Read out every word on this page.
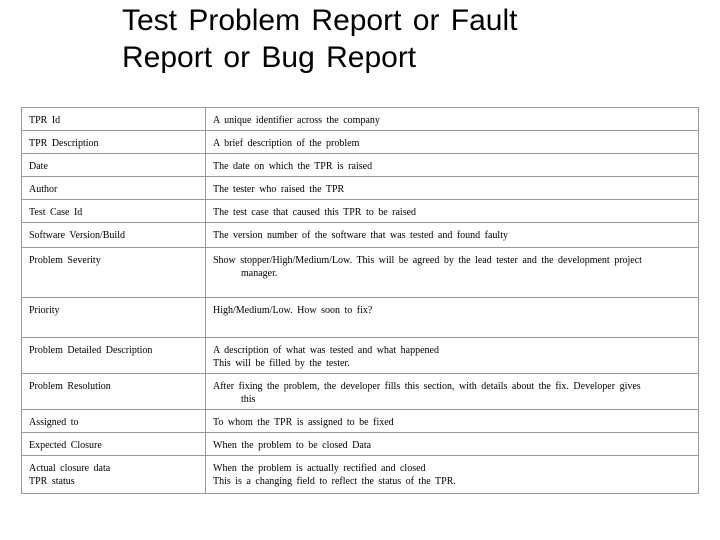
Test Problem Report or Fault
Report or Bug Report
TPR Id	A unique identifier across the company

TPR Description	A brief description of the problem

Date	The date on which the TPR is raised

Author	The tester who raised the TPR

Test Case Id	The test case that caused this TPR to be raised

Software Version/Build	The version number of the software that was tested and found faulty

Problem Severity	Show stopper/High/Medium/Low. This will be agreed by the lead tester and the development project
manager.

Priority	High/Medium/Low. How soon to fix?

Problem Detailed Description	A description of what was tested and what happened
This will be filled by the tester.

Problem Resolution	After fixing the problem, the developer fills this section, with details about the fix. Developer gives
this

Assigned to	To whom the TPR is assigned to be fixed

Expected Closure	When the problem to be closed Data

Actual closure data
TPR status	When the problem is actually rectified and closed
This is a changing field to reflect the status of the TPR.
